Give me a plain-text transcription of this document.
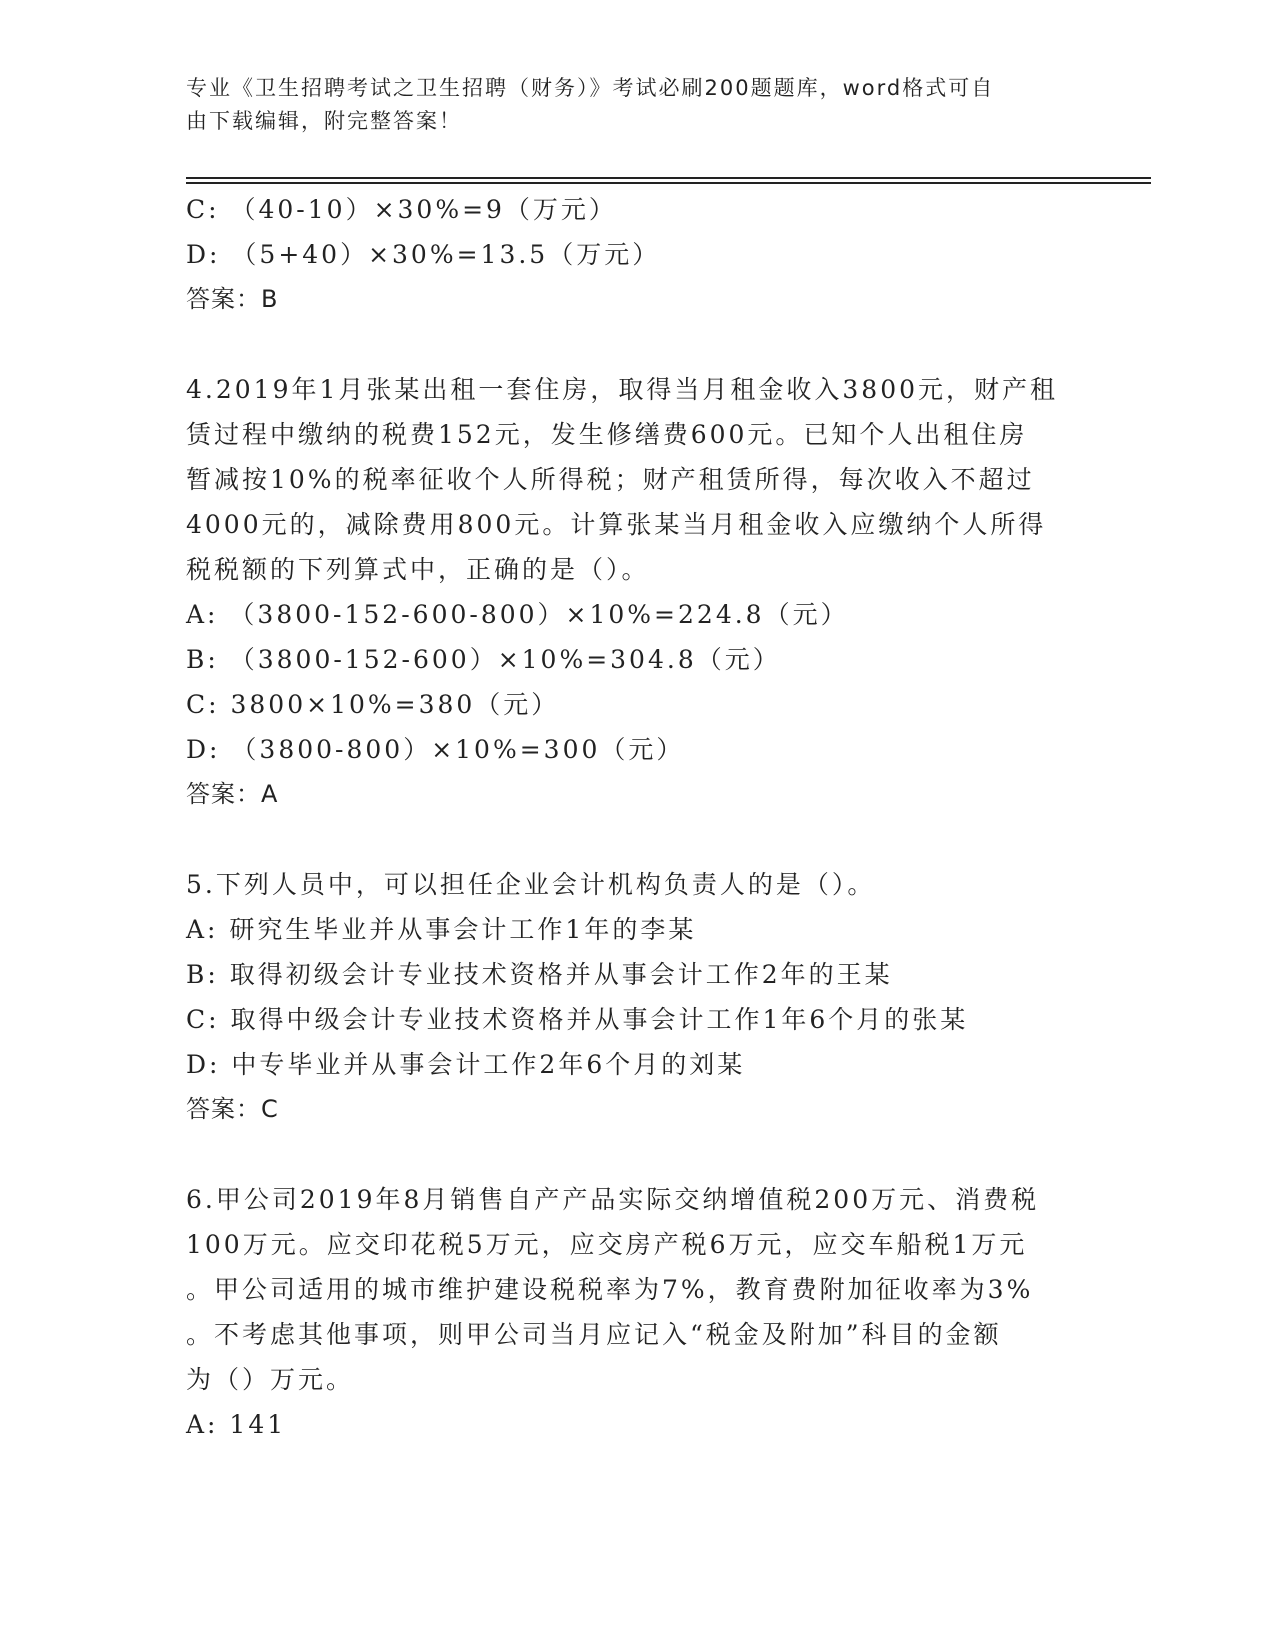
专业《卫生招聘考试之卫生招聘（财务）》考试必刷200题题库，word格式可自
由下载编辑，附完整答案！
C: （40-10）×30%=9（万元）
D: （5+40）×30%=13.5（万元）
答案：B
4.2019年1月张某出租一套住房，取得当月租金收入3800元，财产租
赁过程中缴纳的税费152元，发生修缮费600元。已知个人出租住房
暂减按10%的税率征收个人所得税；财产租赁所得，每次收入不超过
4000元的，减除费用800元。计算张某当月租金收入应缴纳个人所得
税税额的下列算式中，正确的是（）。
A: （3800-152-600-800）×10%=224.8（元）
B: （3800-152-600）×10%=304.8（元）
C: 3800×10%=380（元）
D: （3800-800）×10%=300（元）
答案：A
5.下列人员中，可以担任企业会计机构负责人的是（）。
A: 研究生毕业并从事会计工作1年的李某
B: 取得初级会计专业技术资格并从事会计工作2年的王某
C: 取得中级会计专业技术资格并从事会计工作1年6个月的张某
D: 中专毕业并从事会计工作2年6个月的刘某
答案：C
6.甲公司2019年8月销售自产产品实际交纳增值税200万元、消费税
100万元。应交印花税5万元，应交房产税6万元，应交车船税1万元
。甲公司适用的城市维护建设税税率为7%，教育费附加征收率为3%
。不考虑其他事项，则甲公司当月应记入“税金及附加”科目的金额
为（）万元。
A: 141
